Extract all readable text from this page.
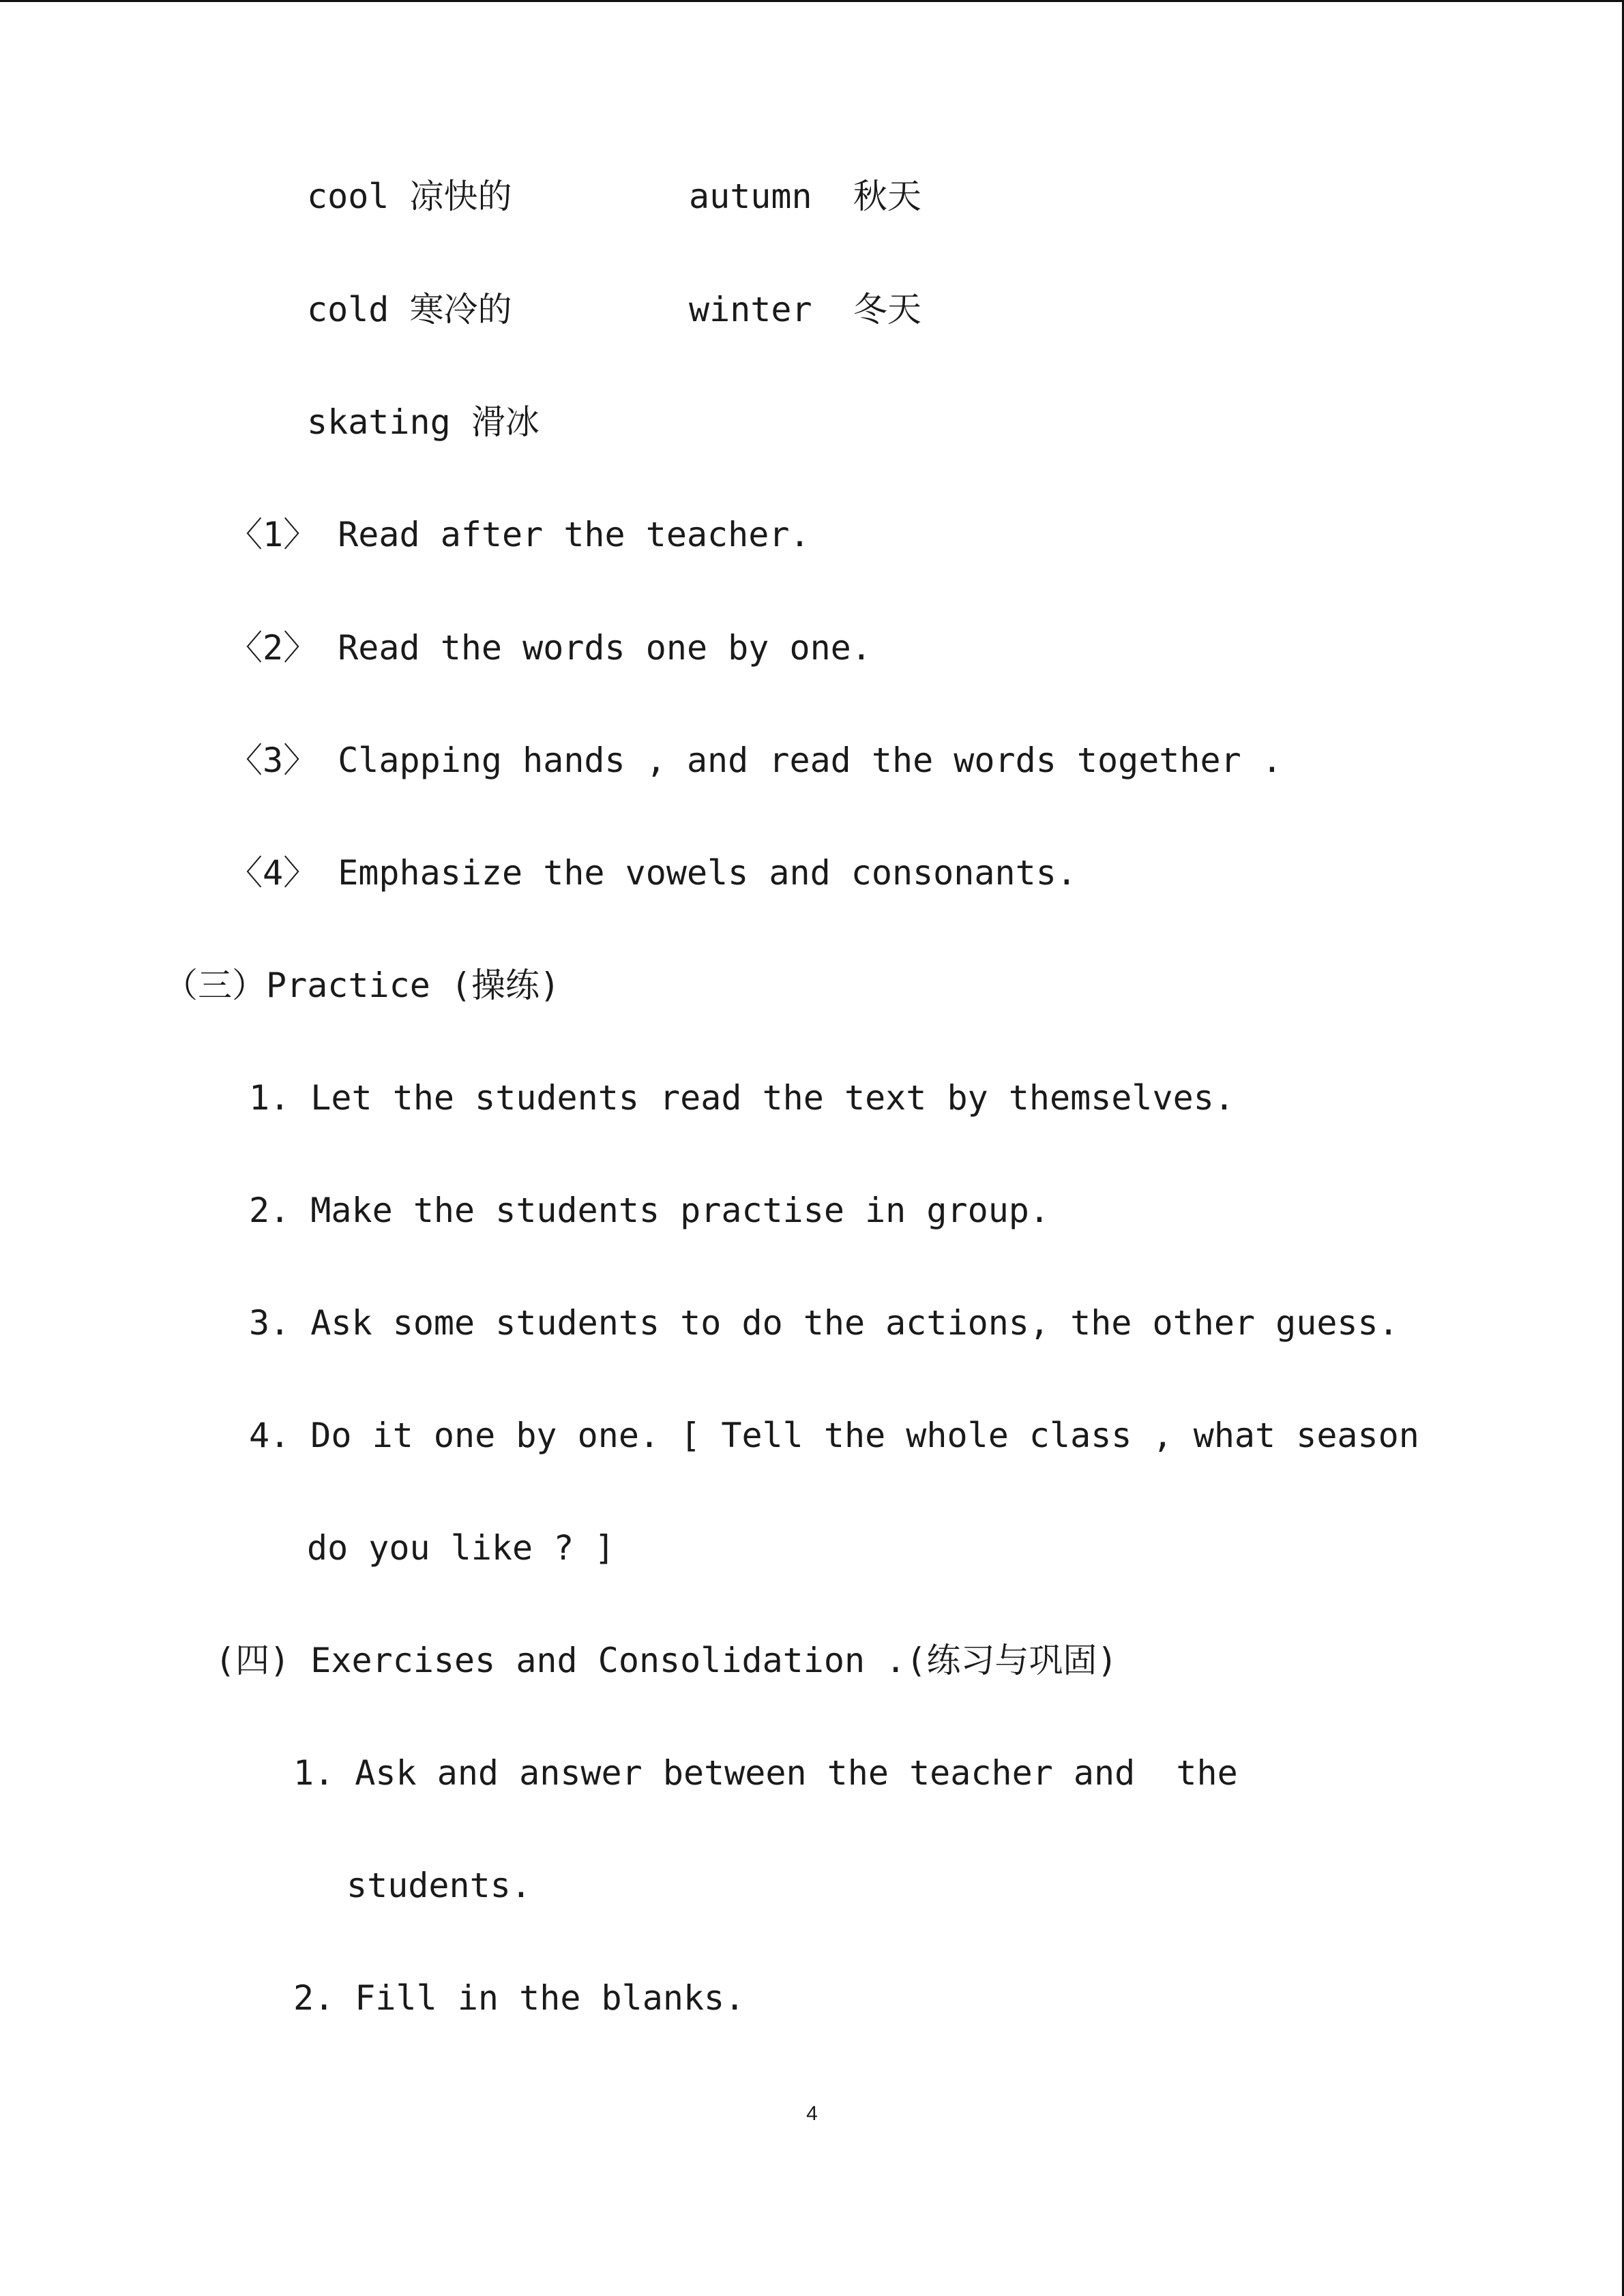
cool 凉快的	autumn  秋天
cold 寒冷的	winter  冬天
skating 滑冰
〈1〉 Read after the teacher.
〈2〉 Read the words one by one.
〈3〉 Clapping hands , and read the words together .
〈4〉 Emphasize the vowels and consonants.
（三）Practice (操练)
1. Let the students read the text by themselves.
2. Make the students practise in group.
3. Ask some students to do the actions, the other guess.
4. Do it one by one. [ Tell the whole class , what season
do you like ? ]
(四) Exercises and Consolidation .(练习与巩固)
1. Ask and answer between the teacher and  the
students.
2. Fill in the blanks.
4
